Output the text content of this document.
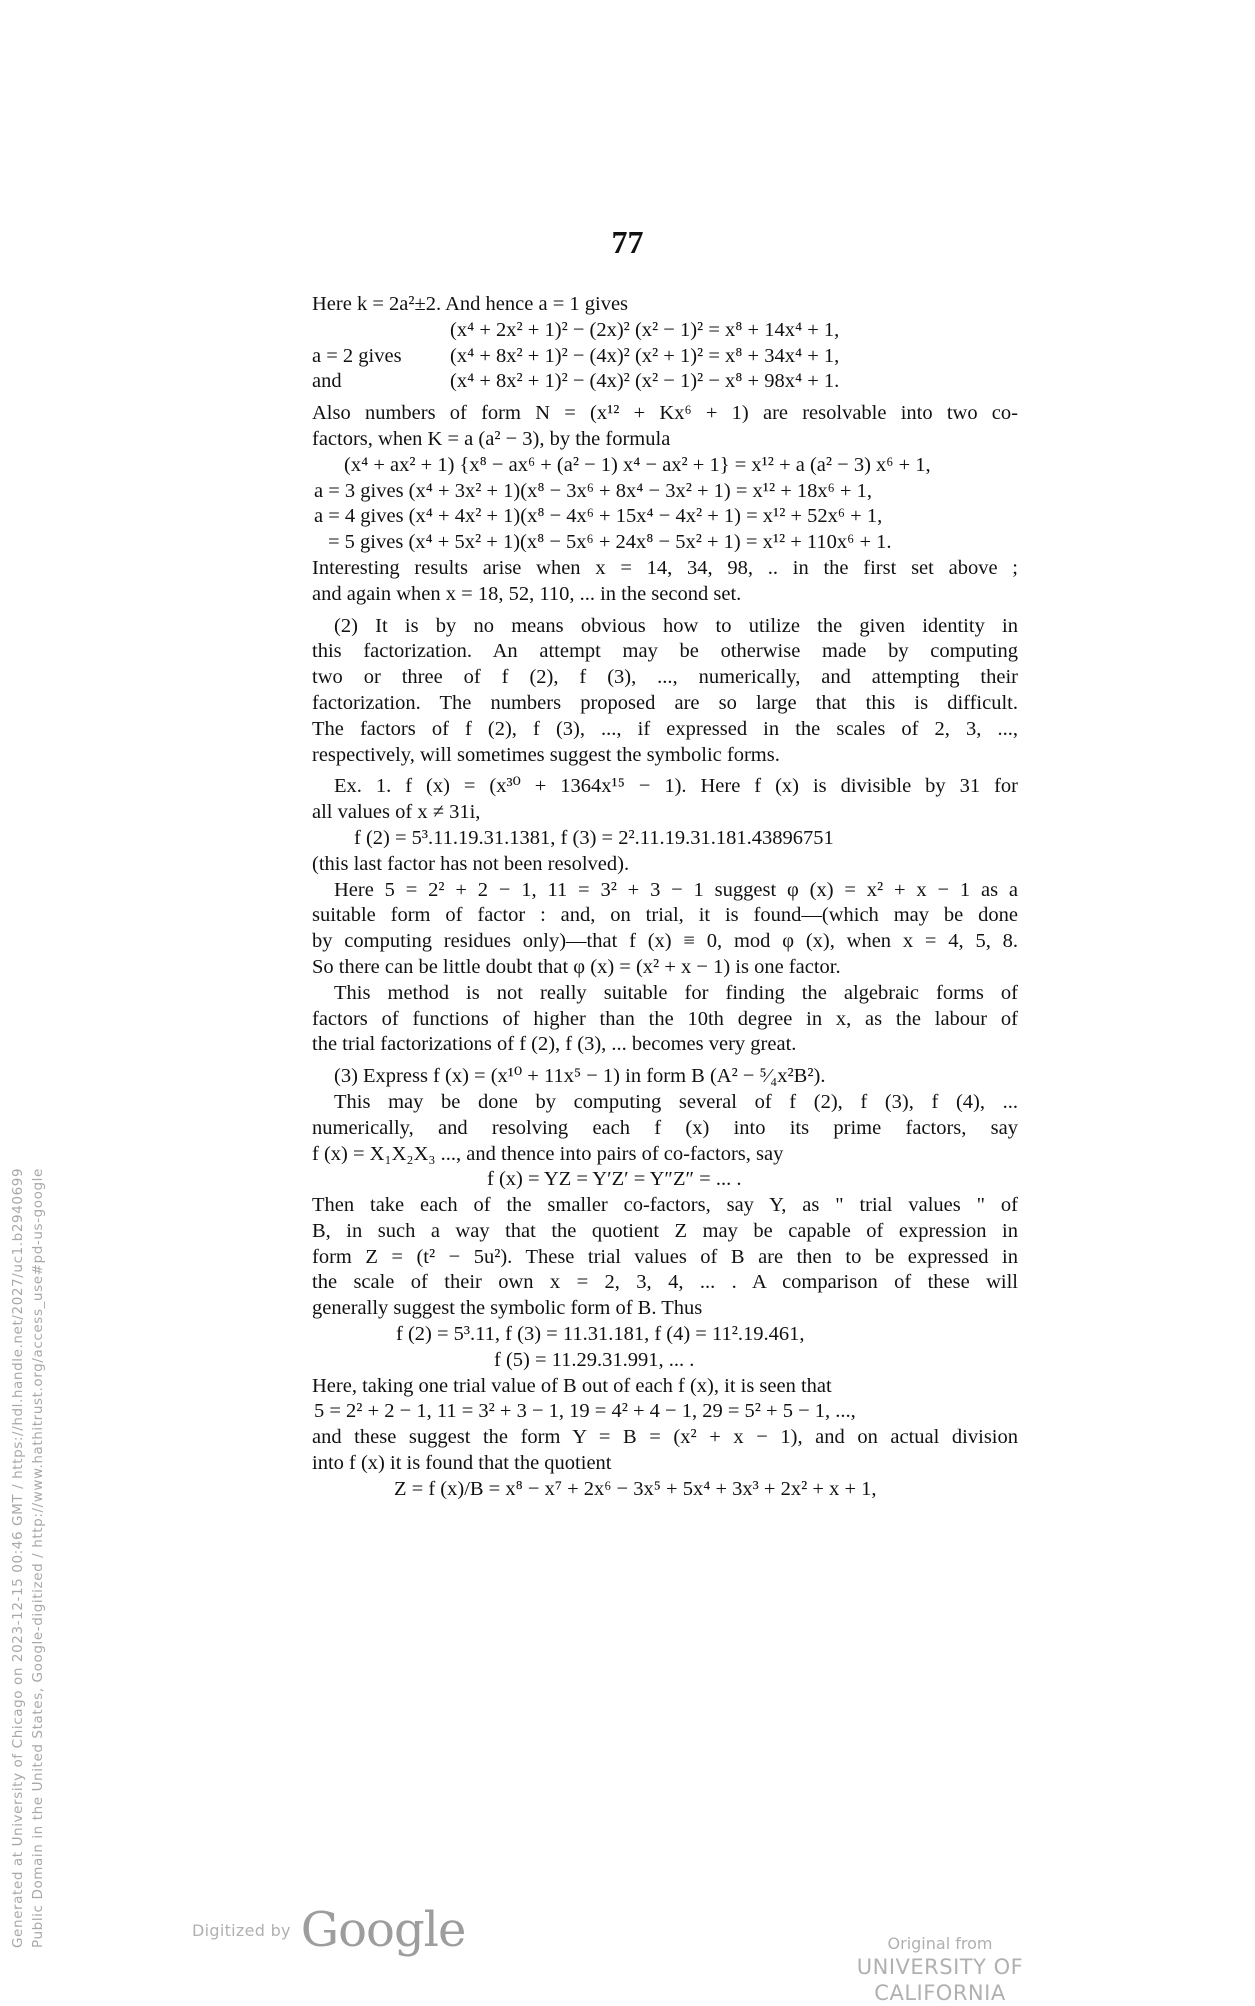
77
Here k = 2a²±2. And hence a = 1 gives
(x⁴ + 2x² + 1)² − (2x)² (x² − 1)² = x⁸ + 14x⁴ + 1,
a = 2 gives (x⁴ + 8x² + 1)² − (4x)² (x² + 1)² = x⁸ + 34x⁴ + 1,
and	(x⁴ + 8x² + 1)² − (4x)² (x² − 1)² − x⁸ + 98x⁴ + 1.
Also numbers of form N = (x¹² + Kx⁶ + 1) are resolvable into two co-
factors, when K = a (a² − 3), by the formula
(x⁴ + ax² + 1) {x⁸ − ax⁶ + (a² − 1) x⁴ − ax² + 1} = x¹² + a (a² − 3) x⁶ + 1,
a = 3 gives (x⁴ + 3x² + 1)(x⁸ − 3x⁶ + 8x⁴ − 3x² + 1) = x¹² + 18x⁶ + 1,
a = 4 gives (x⁴ + 4x² + 1)(x⁸ − 4x⁶ + 15x⁴ − 4x² + 1) = x¹² + 52x⁶ + 1,
= 5 gives (x⁴ + 5x² + 1)(x⁸ − 5x⁶ + 24x⁸ − 5x² + 1) = x¹² + 110x⁶ + 1.
Interesting results arise when x = 14, 34, 98, .. in the first set above ;
and again when x = 18, 52, 110, ... in the second set.
(2) It is by no means obvious how to utilize the given identity in
this factorization. An attempt may be otherwise made by computing
two or three of f (2), f (3), ..., numerically, and attempting their
factorization. The numbers proposed are so large that this is difficult.
The factors of f (2), f (3), ..., if expressed in the scales of 2, 3, ...,
respectively, will sometimes suggest the symbolic forms.
Ex. 1. f (x) = (x³⁰ + 1364x¹⁵ − 1). Here f (x) is divisible by 31 for
all values of x ≠ 31i,
f (2) = 5³.11.19.31.1381, f (3) = 2².11.19.31.181.43896751
(this last factor has not been resolved).
Here 5 = 2² + 2 − 1, 11 = 3² + 3 − 1 suggest φ (x) = x² + x − 1 as a
suitable form of factor : and, on trial, it is found—(which may be done
by computing residues only)—that f (x) ≡ 0, mod φ (x), when x = 4, 5, 8.
So there can be little doubt that φ (x) = (x² + x − 1) is one factor.
This method is not really suitable for finding the algebraic forms of
factors of functions of higher than the 10th degree in x, as the labour of
the trial factorizations of f (2), f (3), ... becomes very great.
(3) Express f (x) = (x¹⁰ + 11x⁵ − 1) in form B (A² − ⁵⁄₄x²B²).
This may be done by computing several of f (2), f (3), f (4), ...
numerically, and resolving each f (x) into its prime factors, say
f (x) = X₁X₂X₃ ..., and thence into pairs of co-factors, say
f (x) = YZ = Y′Z′ = Y″Z″ = ... .
Then take each of the smaller co-factors, say Y, as " trial values " of
B, in such a way that the quotient Z may be capable of expression in
form Z = (t² − 5u²). These trial values of B are then to be expressed in
the scale of their own x = 2, 3, 4, ... . A comparison of these will
generally suggest the symbolic form of B. Thus
f (2) = 5³.11, f (3) = 11.31.181, f (4) = 11².19.461,
f (5) = 11.29.31.991, ... .
Here, taking one trial value of B out of each f (x), it is seen that
5 = 2² + 2 − 1, 11 = 3² + 3 − 1, 19 = 4² + 4 − 1, 29 = 5² + 5 − 1, ...,
and these suggest the form Y = B = (x² + x − 1), and on actual division
into f (x) it is found that the quotient
Z = f (x)/B = x⁸ − x⁷ + 2x⁶ − 3x⁵ + 5x⁴ + 3x³ + 2x² + x + 1,
Generated at University of Chicago on 2023-12-15 00:46 GMT / https://hdl.handle.net/2027/uc1.b2940699 Public Domain in the United States, Google-digitized / http://www.hathitrust.org/access_use#pd-us-google	Digitized by Google	Original from
UNIVERSITY OF CALIFORNIA
